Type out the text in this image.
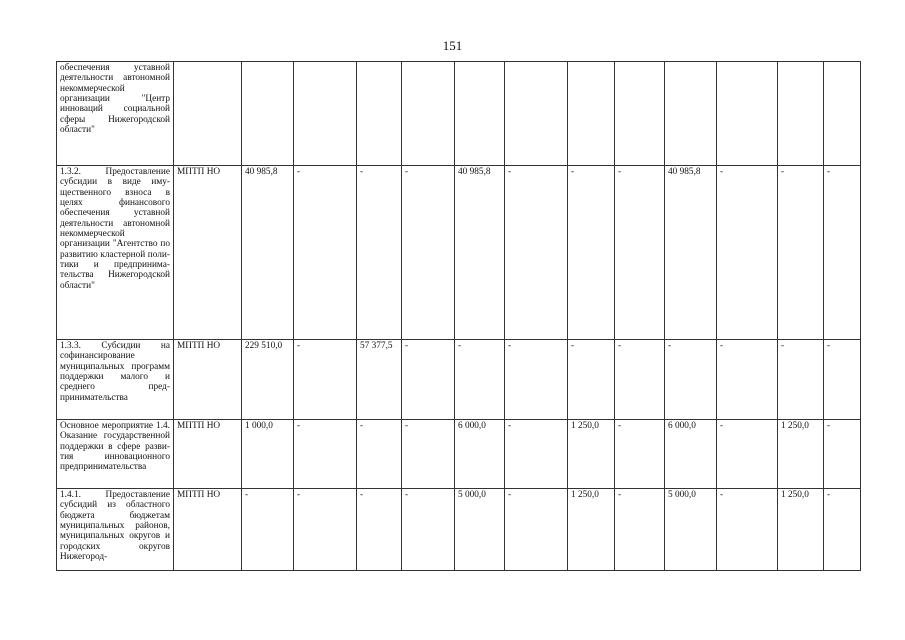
151
обеспечения уставной деятельности автономной некоммерческой организации "Центр инноваций социальной сферы Нижегородской области"													
1.3.2. Предоставление субсидии в виде имущественного взноса в целях финансового обеспечения уставной деятельности автономной некоммерческой организации "Агентство по развитию кластерной политики и предпринимательства Нижегородской области"	МПТП НО	40 985,8	-	-	-	40 985,8	-	-	-	40 985,8	-	-	-
1.3.3. Субсидии на софинансирование муниципальных программ поддержки малого и среднего предпринимательства	МПТП НО	229 510,0	-	57 377,5	-	-	-	-	-	-	-	-	-
Основное мероприятие 1.4. Оказание государственной поддержки в сфере развития инновационного предпринимательства	МПТП НО	1 000,0	-	-	-	6 000,0	-	1 250,0	-	6 000,0	-	1 250,0	-
1.4.1. Предоставление субсидий из областного бюджета бюджетам муниципальных районов, муниципальных округов и городских округов Нижегород-	МПТП НО	-	-	-	-	5 000,0	-	1 250,0	-	5 000,0	-	1 250,0	-
